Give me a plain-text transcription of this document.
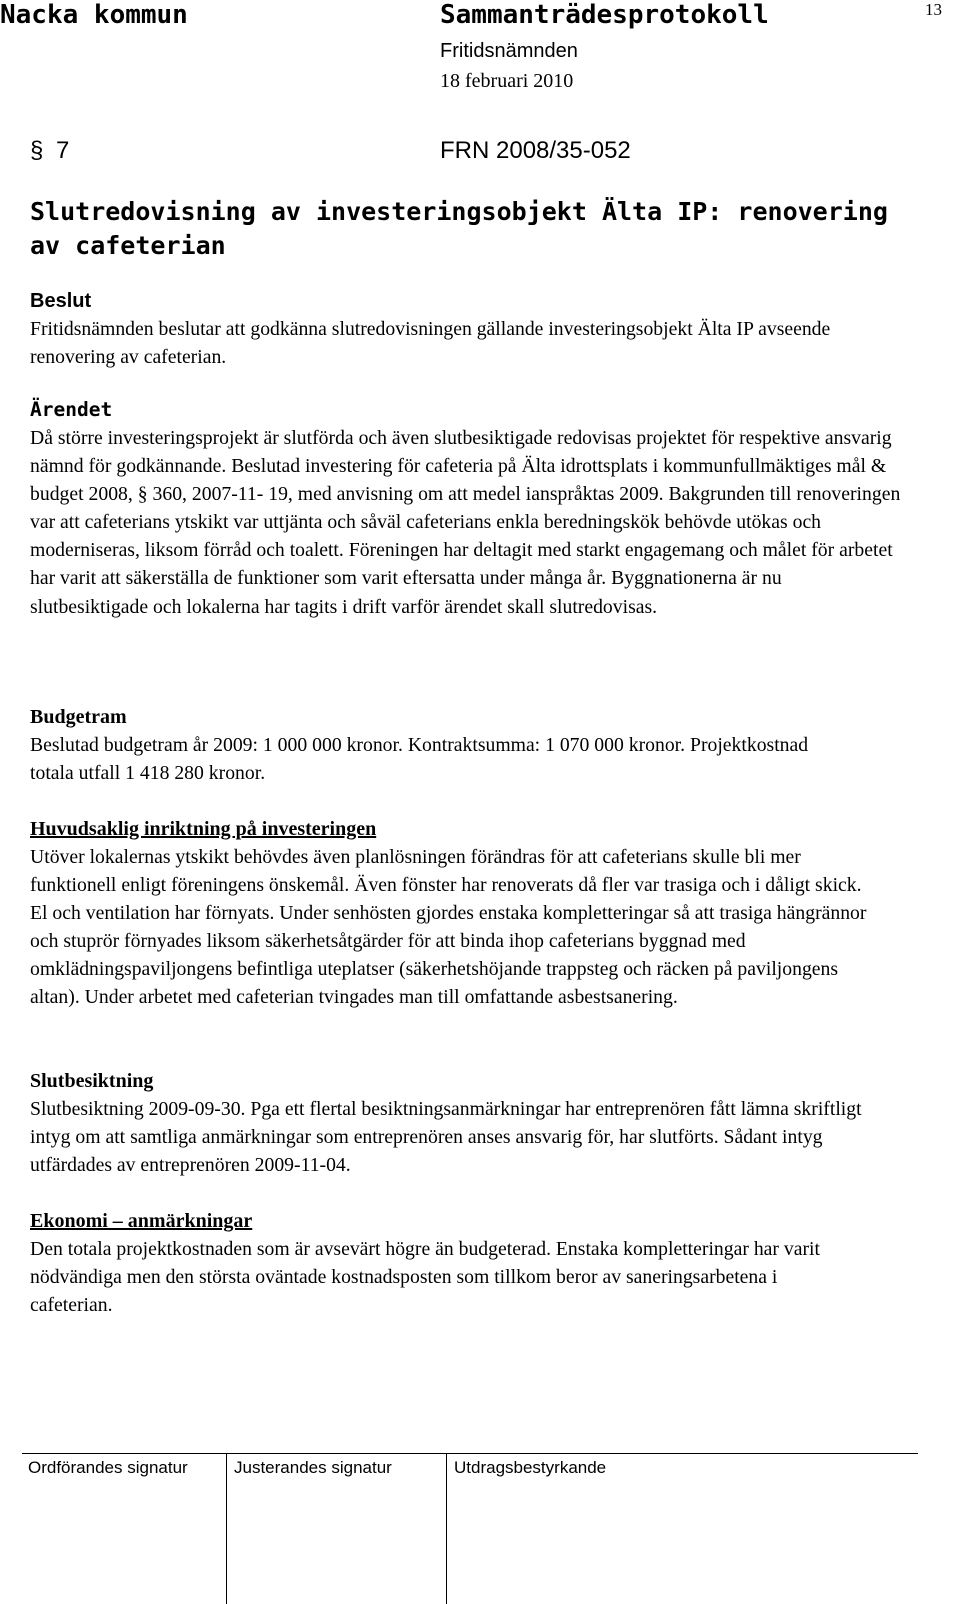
Nacka kommun	Sammanträdesprotokoll	13
Fritidsnämnden
18 februari 2010
§ 7	FRN 2008/35-052
Slutredovisning av investeringsobjekt Älta IP: renovering
av cafeterian

Beslut

Fritidsnämnden beslutar att godkänna slutredovisningen gällande investeringsobjekt Älta IP avseende renovering av cafeterian.

Ärendet

Då större investeringsprojekt är slutförda och även slutbesiktigade redovisas projektet för respektive ansvarig nämnd för godkännande. Beslutad investering för cafeteria på Älta idrottsplats i kommunfullmäktiges mål & budget 2008, § 360, 2007-11- 19, med anvisning om att medel ianspråktas 2009. Bakgrunden till renoveringen var att cafeterians ytskikt var uttjänta och såväl cafeterians enkla beredningskök behövde utökas och moderniseras, liksom förråd och toalett. Föreningen har deltagit med starkt engagemang och målet för arbetet har varit att säkerställa de funktioner som varit eftersatta under många år. Byggnationerna är nu slutbesiktigade och lokalerna har tagits i drift varför ärendet skall slutredovisas.

Budgetram

Beslutad budgetram år 2009: 1 000 000 kronor. Kontraktsumma: 1 070 000 kronor. Projektkostnad totala utfall 1 418 280 kronor.

Huvudsaklig inriktning på investeringen

Utöver lokalernas ytskikt behövdes även planlösningen förändras för att cafeterians skulle bli mer funktionell enligt föreningens önskemål. Även fönster har renoverats då fler var trasiga och i dåligt skick. El och ventilation har förnyats. Under senhösten gjordes enstaka kompletteringar så att trasiga hängrännor och stuprör förnyades liksom säkerhetsåtgärder för att binda ihop cafeterians byggnad med omklädningspaviljongens befintliga uteplatser (säkerhetshöjande trappsteg och räcken på paviljongens altan). Under arbetet med cafeterian tvingades man till omfattande asbestsanering.

Slutbesiktning

Slutbesiktning 2009-09-30. Pga ett flertal besiktningsanmärkningar har entreprenören fått lämna skriftligt intyg om att samtliga anmärkningar som entreprenören anses ansvarig för, har slutförts. Sådant intyg utfärdades av entreprenören 2009-11-04.

Ekonomi – anmärkningar

Den totala projektkostnaden som är avsevärt högre än budgeterad. Enstaka kompletteringar har varit nödvändiga men den största oväntade kostnadsposten som tillkom beror av saneringsarbetena i cafeterian.

Ordförandes signatur	Justerandes signatur	Utdragsbestyrkande
